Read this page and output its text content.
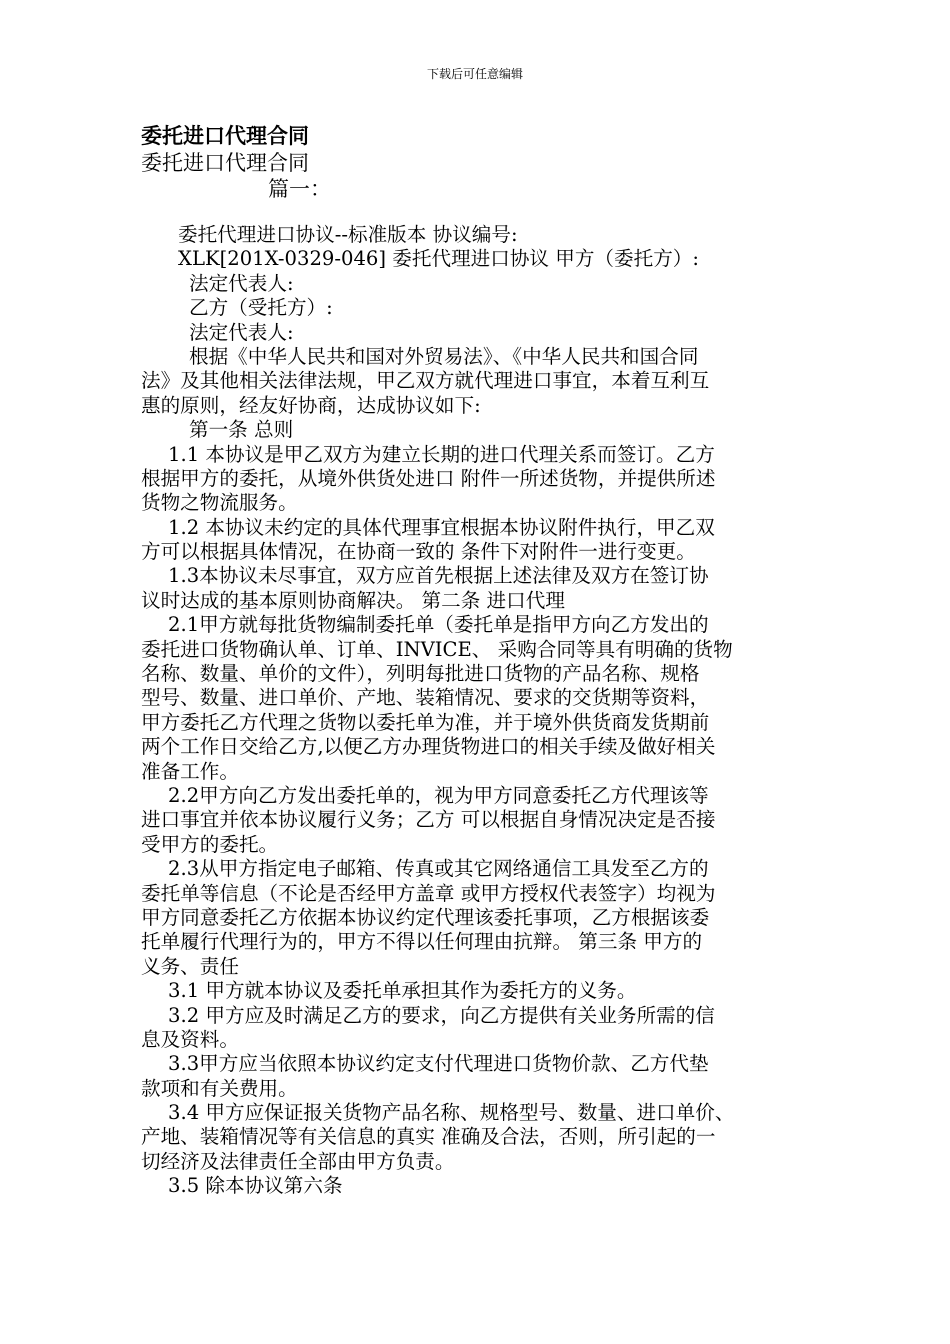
下载后可任意编辑
委托进口代理合同
委托进口代理合同
篇一：
委托代理进口协议--标准版本 协议编号:
XLK[201X-0329-046] 委托代理进口协议 甲方（委托方）:
法定代表人:
乙方（受托方）:
法定代表人:
根据《中华人民共和国对外贸易法》、《中华人民共和国合同
法》及其他相关法律法规，甲乙双方就代理进口事宜，本着互利互
惠的原则，经友好协商，达成协议如下:
第一条 总则
1.1 本协议是甲乙双方为建立长期的进口代理关系而签订。乙方
根据甲方的委托，从境外供货处进口 附件一所述货物，并提供所述
货物之物流服务。
1.2 本协议未约定的具体代理事宜根据本协议附件执行，甲乙双
方可以根据具体情况，在协商一致的 条件下对附件一进行变更。
1.3本协议未尽事宜，双方应首先根据上述法律及双方在签订协
议时达成的基本原则协商解决。 第二条 进口代理
2.1甲方就每批货物编制委托单（委托单是指甲方向乙方发出的
委托进口货物确认单、订单、INVICE、 采购合同等具有明确的货物
名称、数量、单价的文件），列明每批进口货物的产品名称、规格
型号、数量、进口单价、产地、装箱情况、要求的交货期等资料，
甲方委托乙方代理之货物以委托单为准，并于境外供货商发货期前
两个工作日交给乙方,以便乙方办理货物进口的相关手续及做好相关
准备工作。
2.2甲方向乙方发出委托单的，视为甲方同意委托乙方代理该等
进口事宜并依本协议履行义务；乙方 可以根据自身情况决定是否接
受甲方的委托。
2.3从甲方指定电子邮箱、传真或其它网络通信工具发至乙方的
委托单等信息（不论是否经甲方盖章 或甲方授权代表签字）均视为
甲方同意委托乙方依据本协议约定代理该委托事项，乙方根据该委
托单履行代理行为的，甲方不得以任何理由抗辩。 第三条 甲方的
义务、责任
3.1 甲方就本协议及委托单承担其作为委托方的义务。
3.2 甲方应及时满足乙方的要求，向乙方提供有关业务所需的信
息及资料。
3.3甲方应当依照本协议约定支付代理进口货物价款、乙方代垫
款项和有关费用。
3.4 甲方应保证报关货物产品名称、规格型号、数量、进口单价、
产地、装箱情况等有关信息的真实 准确及合法，否则，所引起的一
切经济及法律责任全部由甲方负责。
3.5 除本协议第六条
